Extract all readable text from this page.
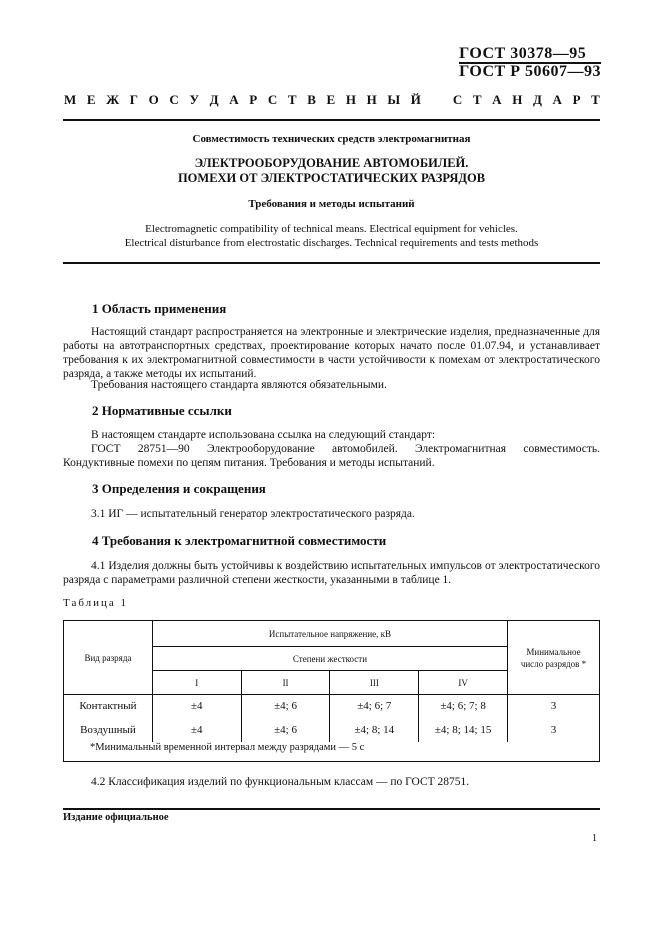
ГОСТ 30378—95
ГОСТ Р 50607—93
М Е Ж Г О С У Д А Р С Т В Е Н Н Ы Й С Т А Н Д А Р Т
Совместимость технических средств электромагнитная
ЭЛЕКТРООБОРУДОВАНИЕ АВТОМОБИЛЕЙ.
ПОМЕХИ ОТ ЭЛЕКТРОСТАТИЧЕСКИХ РАЗРЯДОВ
Требования и методы испытаний
Electromagnetic compatibility of technical means. Electrical equipment for vehicles.
Electrical disturbance from electrostatic discharges. Technical requirements and tests methods
1 Область применения
Настоящий стандарт распространяется на электронные и электрические изделия, предназначенные для работы на автотранспортных средствах, проектирование которых начато после 01.07.94, и устанавливает требования к их электромагнитной совместимости в части устойчивости к помехам от электростатического разряда, а также методы их испытаний.
Требования настоящего стандарта являются обязательными.
2 Нормативные ссылки
В настоящем стандарте использована ссылка на следующий стандарт:
ГОСТ 28751—90 Электрооборудование автомобилей. Электромагнитная совместимость. Кондуктивные помехи по цепям питания. Требования и методы испытаний.
3 Определения и сокращения
3.1 ИГ — испытательный генератор электростатического разряда.
4 Требования к электромагнитной совместимости
4.1 Изделия должны быть устойчивы к воздействию испытательных импульсов от электростатического разряда с параметрами различной степени жесткости, указанными в таблице 1.
Таблица 1
Вид разряда	Испытательное напряжение, кВ				Минимальное число разрядов *
	Степени жесткости				
	I	II	III	IV	
Контактный	±4	±4; 6	±4; 6; 7	±4; 6; 7; 8	3
Воздушный	±4	±4; 6	±4; 8; 14	±4; 8; 14; 15	3

*Минимальный временной интервал между разрядами — 5 с
4.2 Классификация изделий по функциональным классам — по ГОСТ 28751.
Издание официальное
1
